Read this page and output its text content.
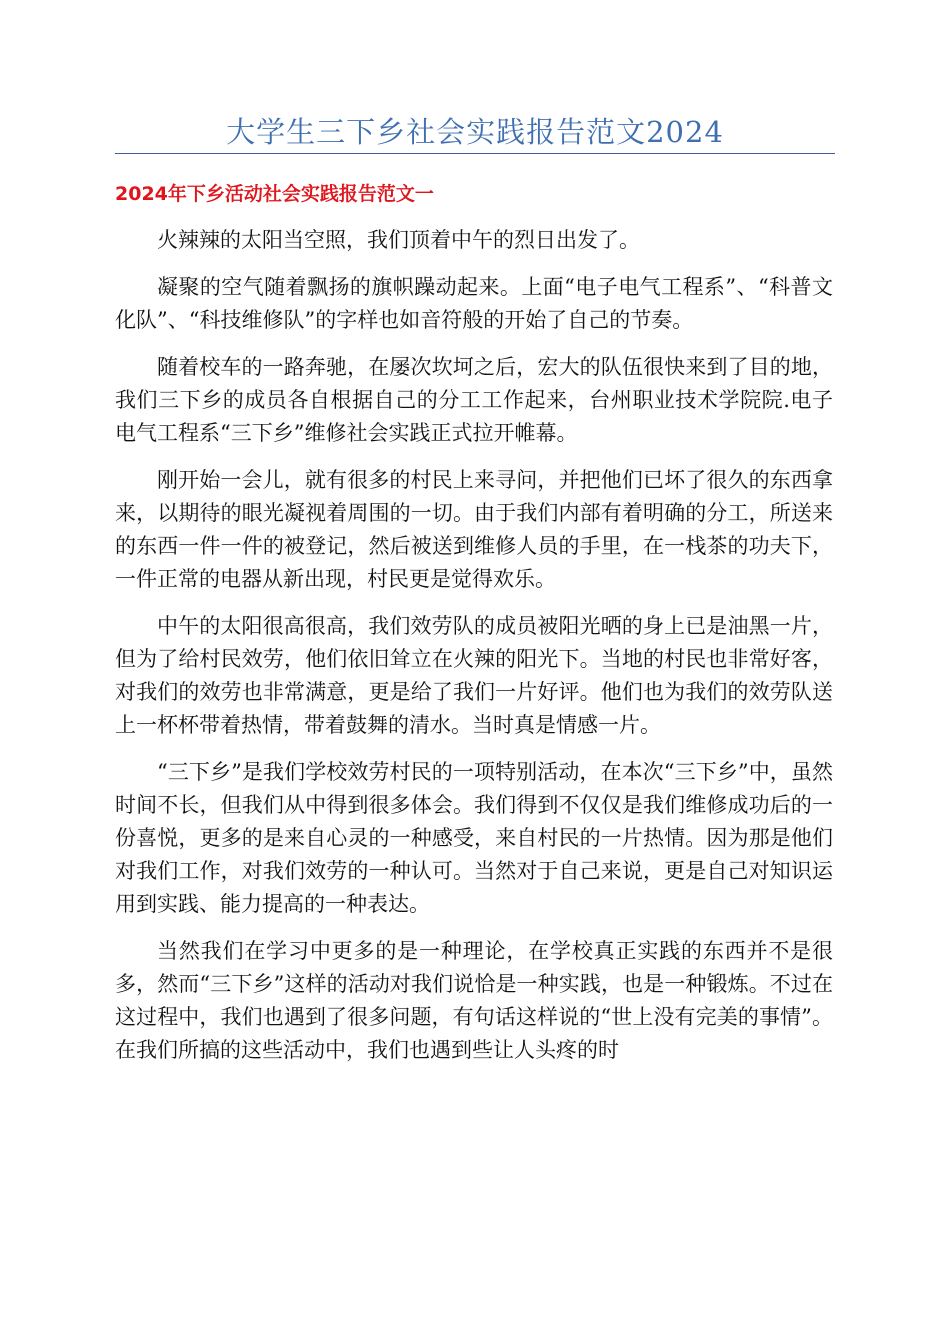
大学生三下乡社会实践报告范文2024
2024年下乡活动社会实践报告范文一

火辣辣的太阳当空照，我们顶着中午的烈日出发了。

凝聚的空气随着飘扬的旗帜躁动起来。上面“电子电气工程系”、“科普文化队”、“科技维修队”的字样也如音符般的开始了自己的节奏。

随着校车的一路奔驰，在屡次坎坷之后，宏大的队伍很快来到了目的地，我们三下乡的成员各自根据自己的分工工作起来，台州职业技术学院院.电子电气工程系“三下乡”维修社会实践正式拉开帷幕。

刚开始一会儿，就有很多的村民上来寻问，并把他们已坏了很久的东西拿来，以期待的眼光凝视着周围的一切。由于我们内部有着明确的分工，所送来的东西一件一件的被登记，然后被送到维修人员的手里，在一栈茶的功夫下，一件正常的电器从新出现，村民更是觉得欢乐。

中午的太阳很高很高，我们效劳队的成员被阳光晒的身上已是油黑一片，但为了给村民效劳，他们依旧耸立在火辣的阳光下。当地的村民也非常好客，对我们的效劳也非常满意，更是给了我们一片好评。他们也为我们的效劳队送上一杯杯带着热情，带着鼓舞的清水。当时真是情感一片。

“三下乡”是我们学校效劳村民的一项特别活动，在本次“三下乡”中，虽然时间不长，但我们从中得到很多体会。我们得到不仅仅是我们维修成功后的一份喜悦，更多的是来自心灵的一种感受，来自村民的一片热情。因为那是他们对我们工作，对我们效劳的一种认可。当然对于自己来说，更是自己对知识运用到实践、能力提高的一种表达。

当然我们在学习中更多的是一种理论，在学校真正实践的东西并不是很多，然而“三下乡”这样的活动对我们说恰是一种实践，也是一种锻炼。不过在这过程中，我们也遇到了很多问题，有句话这样说的“世上没有完美的事情”。在我们所搞的这些活动中，我们也遇到些让人头疼的时
